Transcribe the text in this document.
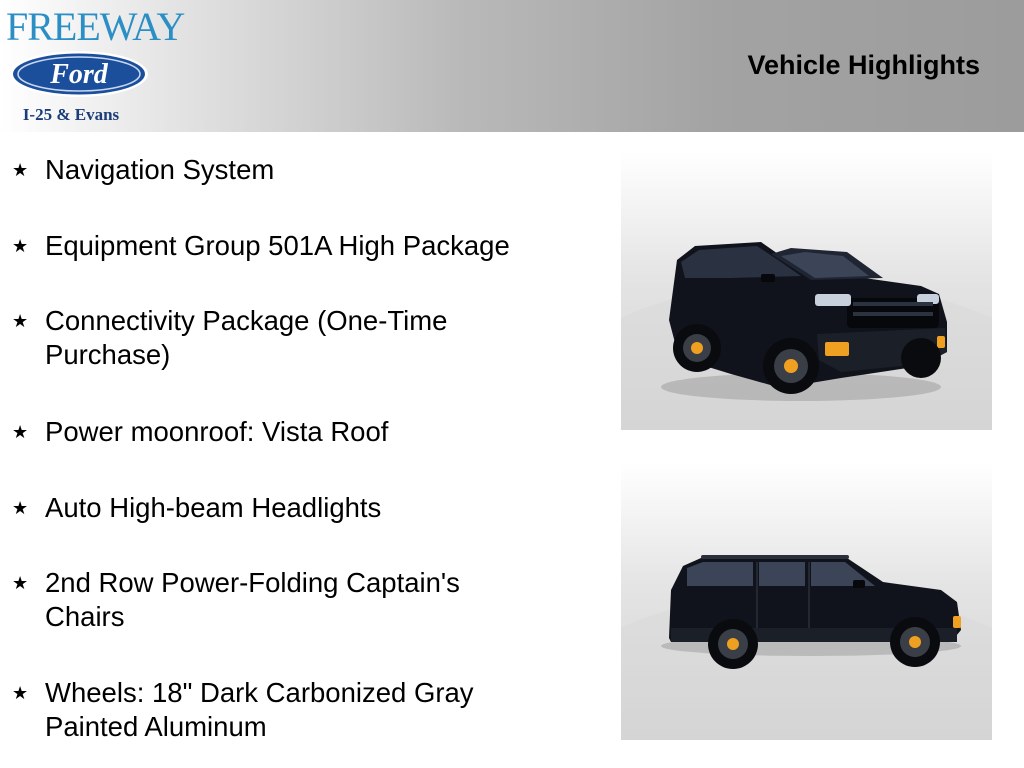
FREEWAY
Ford
I-25 & Evans
Vehicle Highlights
★ Navigation System
★ Equipment Group 501A High Package
★ Connectivity Package (One-Time Purchase)
★ Power moonroof: Vista Roof
★ Auto High-beam Headlights
★ 2nd Row Power-Folding Captain's Chairs
★ Wheels: 18" Dark Carbonized Gray Painted Aluminum
